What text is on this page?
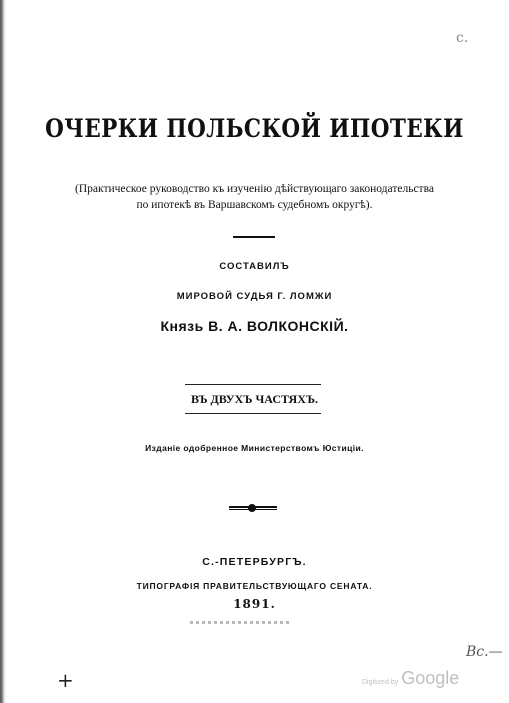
с.
ОЧЕРКИ ПОЛЬСКОЙ ИПОТЕКИ
(Практическое руководство къ изученію дѣйствующаго законодательства
по ипотекѣ въ Варшавскомъ судебномъ округѣ).
СОСТАВИЛЪ
МИРОВОЙ СУДЬЯ Г. ЛОМЖИ
Князь В. А. ВОЛКОНСКІЙ.
ВЪ ДВУХЪ ЧАСТЯХЪ.
Изданіе одобренное Министерствомъ Юстиціи.
С.-ПЕТЕРБУРГЪ.
ТИПОГРАФІЯ ПРАВИТЕЛЬСТВУЮЩАГО СЕНАТА.
1891.
+
Вс.—
Digitized by Google
